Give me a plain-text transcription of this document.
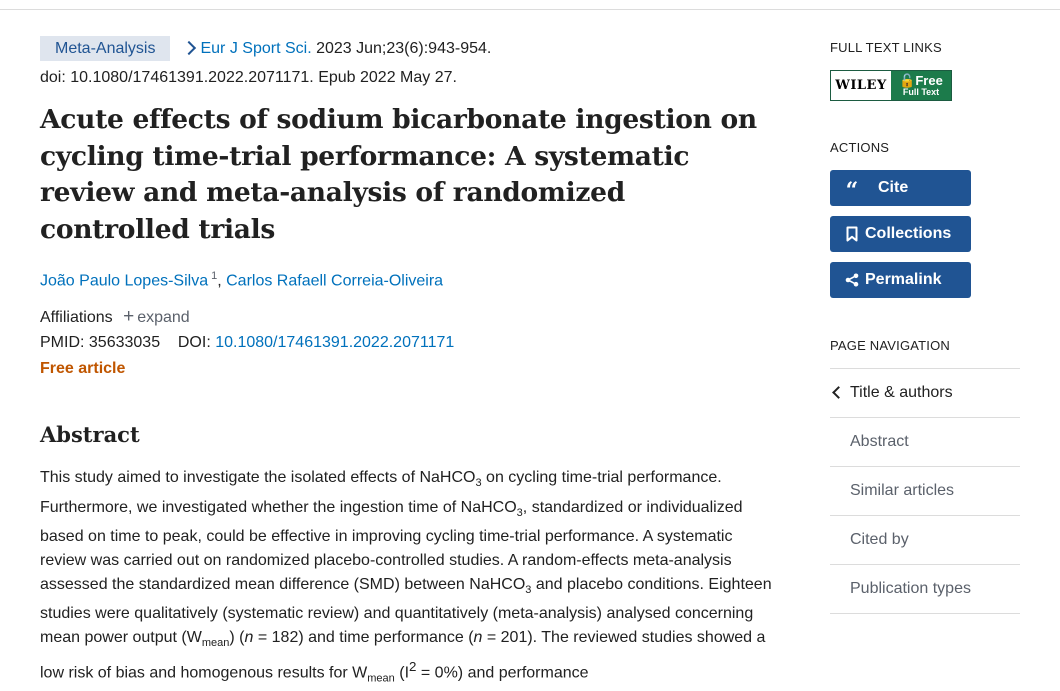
Meta-Analysis	Eur J Sport Sci. 2023 Jun;23(6):943-954.
doi: 10.1080/17461391.2022.2071171. Epub 2022 May 27.
Acute effects of sodium bicarbonate ingestion on cycling time-trial performance: A systematic review and meta-analysis of randomized controlled trials
João Paulo Lopes-Silva $^1$, Carlos Rafaell Correia-Oliveira
Affiliations + expand
PMID: 35633035 DOI: 10.1080/17461391.2022.2071171
Free article
Abstract
This study aimed to investigate the isolated effects of NaHCO$_3$ on cycling time-trial performance. Furthermore, we investigated whether the ingestion time of NaHCO$_3$, standardized or individualized based on time to peak, could be effective in improving cycling time-trial performance. A systematic review was carried out on randomized placebo-controlled studies. A random-effects meta-analysis assessed the standardized mean difference (SMD) between NaHCO$_3$ and placebo conditions. Eighteen studies were qualitatively (systematic review) and quantitatively (meta-analysis) analysed concerning mean power output $(W_{mean}) (n = 182)$ and time performance (n = 201). The reviewed studies showed a low risk of bias and homogenous results for $W_{mean}$ $(I^2 = 0\%)$ and performance
FULL TEXT LINKS
WILEY 🔓Free
Full Text
ACTIONS
“	Cite
Collections
Permalink
PAGE NAVIGATION
Title & authors
Abstract
Similar articles
Cited by
Publication types
